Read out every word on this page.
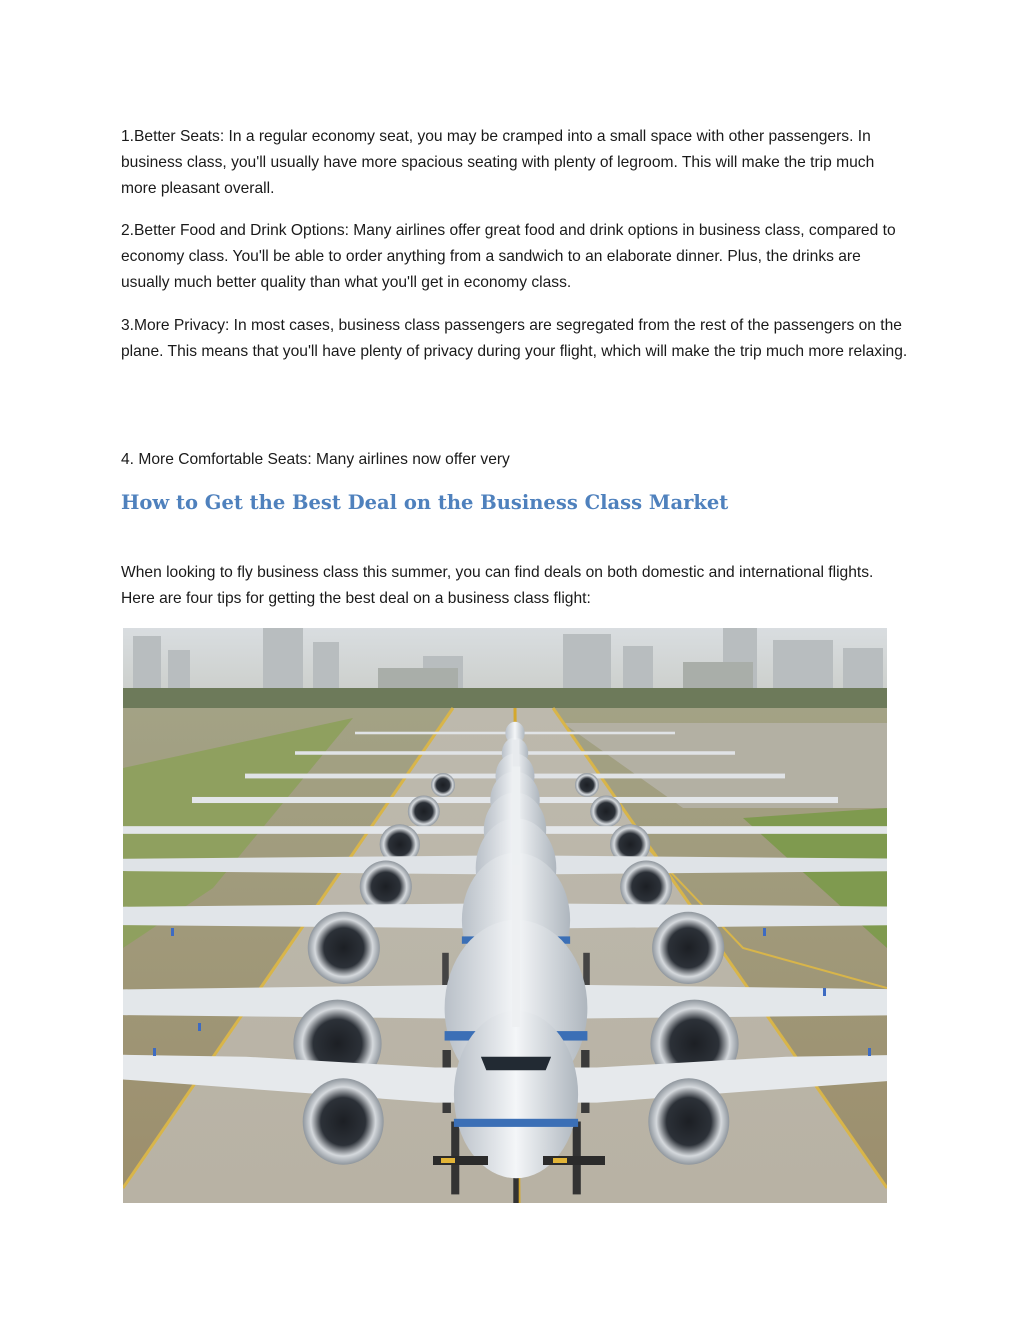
1.Better Seats: In a regular economy seat, you may be cramped into a small space with other passengers. In business class, you'll usually have more spacious seating with plenty of legroom. This will make the trip much more pleasant overall.

2.Better Food and Drink Options: Many airlines offer great food and drink options in business class, compared to economy class. You'll be able to order anything from a sandwich to an elaborate dinner. Plus, the drinks are usually much better quality than what you'll get in economy class.

3.More Privacy: In most cases, business class passengers are segregated from the rest of the passengers on the plane. This means that you'll have plenty of privacy during your flight, which will make the trip much more relaxing.

4. More Comfortable Seats: Many airlines now offer very

How to Get the Best Deal on the Business Class Market

When looking to fly business class this summer, you can find deals on both domestic and international flights. Here are four tips for getting the best deal on a business class flight:
